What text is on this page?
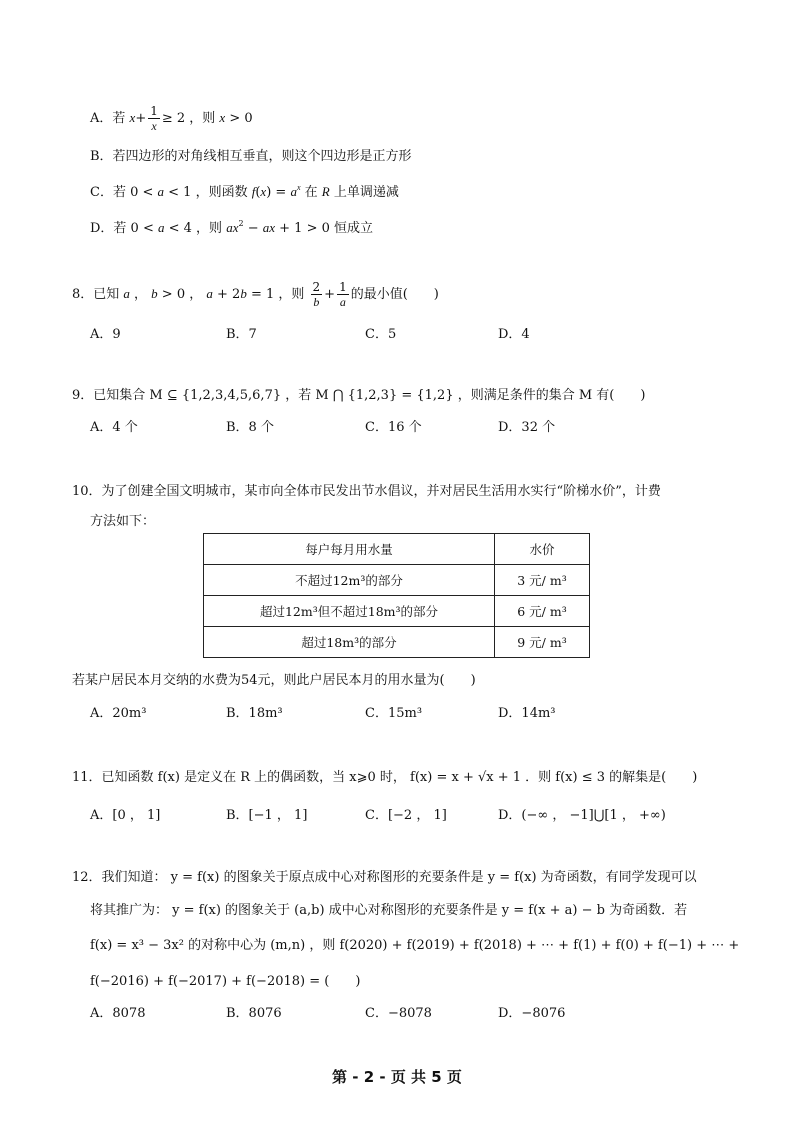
A．若 $x+ \frac{1}{x} \ge 2$ ，则 x > 0
B．若四边形的对角线相互垂直，则这个四边形是正方形
C．若 0 < a < 1 ，则函数 $f(x) = a^x$ 在 R 上单调递减
D．若 0 < a < 4 ，则 $ax^2$ − ax + 1 > 0 恒成立
8．已知 a ， b > 0 ， a + 2b = 1 ，则 $\frac{2}{b} + \frac{1}{a}$ 的最小值(　　)
A．9	B．7	C．5	D．4
9．已知集合 M ⊆ {1,2,3,4,5,6,7} ，若 M ⋂ {1,2,3} = {1,2} ，则满足条件的集合 M 有(　　)
A．4 个	B．8 个	C．16 个	D．32 个
10．为了创建全国文明城市，某市向全体市民发出节水倡议，并对居民生活用水实行“阶梯水价”，计费
方法如下：
每户每月用水量	水价
不超过12m³的部分	3 元/ m³
超过12m³但不超过18m³的部分	6 元/ m³
超过18m³的部分	9 元/ m³
若某户居民本月交纳的水费为54元，则此户居民本月的用水量为(　　)
A．20m³	B．18m³	C．15m³	D．14m³
11．已知函数 f(x) 是定义在 R 上的偶函数，当 x⩾0 时， f(x) = x + √x + 1 ．则 f(x) ≤ 3 的解集是(　　)
A．[0 ， 1]	B．[−1 ， 1]	C．[−2 ， 1]	D．(−∞ ， −1]⋃[1 ， +∞)
12．我们知道： y = f(x) 的图象关于原点成中心对称图形的充要条件是 y = f(x) 为奇函数，有同学发现可以
将其推广为： y = f(x) 的图象关于 (a,b) 成中心对称图形的充要条件是 y = f(x + a) − b 为奇函数．若
f(x) = x³ − 3x² 的对称中心为 (m,n) ，则 f(2020) + f(2019) + f(2018) + ⋯ + f(1) + f(0) + f(−1) + ⋯ +
f(−2016) + f(−2017) + f(−2018) = (　　)
A．8078	B．8076	C．−8078	D．−8076
第 - 2 - 页 共 5 页
